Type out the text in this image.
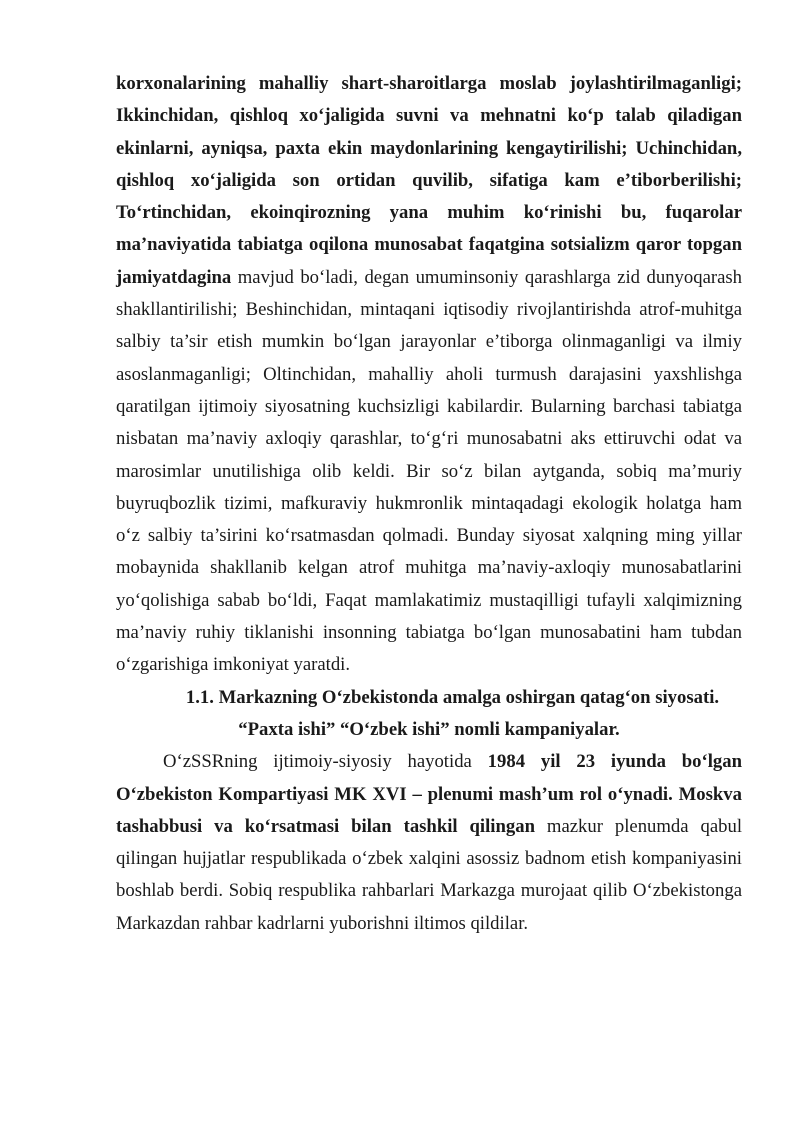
korxonalarining mahalliy shart-sharoitlarga moslab joylashtirilmaganligi; Ikkinchidan, qishloq xo‘jaligida suvni va mehnatni ko‘p talab qiladigan ekinlarni, ayniqsa, paxta ekin maydonlarining kengaytirilishi; Uchinchidan, qishloq xo‘jaligida son ortidan quvilib, sifatiga kam e’tiborberilishi; To‘rtinchidan, ekoinqirozning yana muhim ko‘rinishi bu, fuqarolar ma’naviyatida tabiatga oqilona munosabat faqatgina sotsializm qaror topgan jamiyatdagina mavjud bo‘ladi, degan umuminsoniy qarashlarga zid dunyoqarash shakllantirilishi; Beshinchidan, mintaqani iqtisodiy rivojlantirishda atrof-muhitga salbiy ta’sir etish mumkin bo‘lgan jarayonlar e’tiborga olinmaganligi va ilmiy asoslanmaganligi; Oltinchidan, mahalliy aholi turmush darajasini yaxshlishga qaratilgan ijtimoiy siyosatning kuchsizligi kabilardir. Bularning barchasi tabiatga nisbatan ma’naviy axloqiy qarashlar, to‘g‘ri munosabatni aks ettiruvchi odat va marosimlar unutilishiga olib keldi. Bir so‘z bilan aytganda, sobiq ma’muriy buyruqbozlik tizimi, mafkuraviy hukmronlik mintaqadagi ekologik holatga ham o‘z salbiy ta’sirini ko‘rsatmasdan qolmadi. Bunday siyosat xalqning ming yillar mobaynida shakllanib kelgan atrof muhitga ma’naviy-axloqiy munosabatlarini yo‘qolishiga sabab bo‘ldi, Faqat mamlakatimiz mustaqilligi tufayli xalqimizning ma’naviy ruhiy tiklanishi insonning tabiatga bo‘lgan munosabatini ham tubdan o‘zgarishiga imkoniyat yaratdi.

1.1. Markazning O‘zbekistonda amalga oshirgan qatag‘on siyosati.

“Paxta ishi” “O‘zbek ishi” nomli kampaniyalar.

O‘zSSRning ijtimoiy-siyosiy hayotida 1984 yil 23 iyunda bo‘lgan O‘zbekiston Kompartiyasi MK XVI – plenumi mash’um rol o‘ynadi. Moskva tashabbusi va ko‘rsatmasi bilan tashkil qilingan mazkur plenumda qabul qilingan hujjatlar respublikada o‘zbek xalqini asossiz badnom etish kompaniyasini boshlab berdi. Sobiq respublika rahbarlari Markazga murojaat qilib O‘zbekistonga Markazdan rahbar kadrlarni yuborishni iltimos qildilar.
